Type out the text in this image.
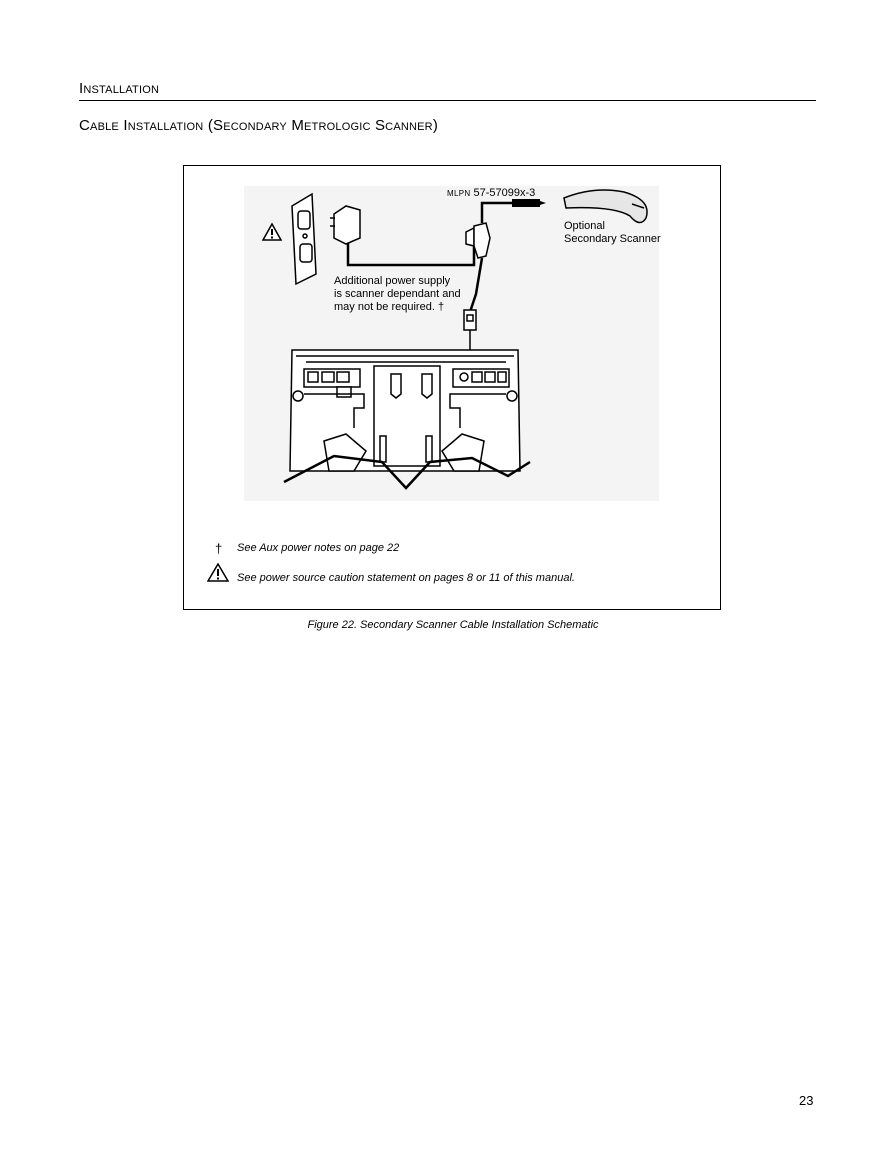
Installation
Cable Installation (Secondary Metrologic Scanner)
MLPN 57-57099x-3
Optional
Secondary Scanner
Additional power supply
is scanner dependant and
may not be required. †
† See Aux power notes on page 22
See power source caution statement on pages 8 or 11 of this manual.
Figure 22. Secondary Scanner Cable Installation Schematic
23
